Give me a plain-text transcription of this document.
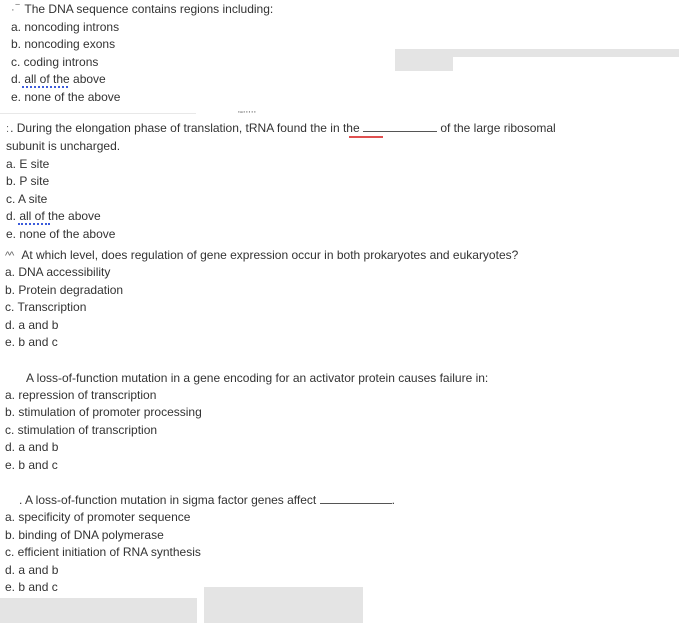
·-·····
· ‾ The DNA sequence contains regions including:
a. noncoding introns
b. noncoding exons
c. coding introns
d. all of the above
e. none of the above
: . During the elongation phase of translation, tRNA found the in the	of the large ribosomal
subunit is uncharged.
a. E site
b. P site
c. A site
d. all of the above
e. none of the above
^^ At which level, does regulation of gene expression occur in both prokaryotes and eukaryotes?
a. DNA accessibility
b. Protein degradation
c. Transcription
d. a and b
e. b and c
A loss-of-function mutation in a gene encoding for an activator protein causes failure in:
a. repression of transcription
b. stimulation of promoter processing
c. stimulation of transcription
d. a and b
e. b and c
. A loss-of-function mutation in sigma factor genes affect	.
a. specificity of promoter sequence
b. binding of DNA polymerase
c. efficient initiation of RNA synthesis
d. a and b
e. b and c
